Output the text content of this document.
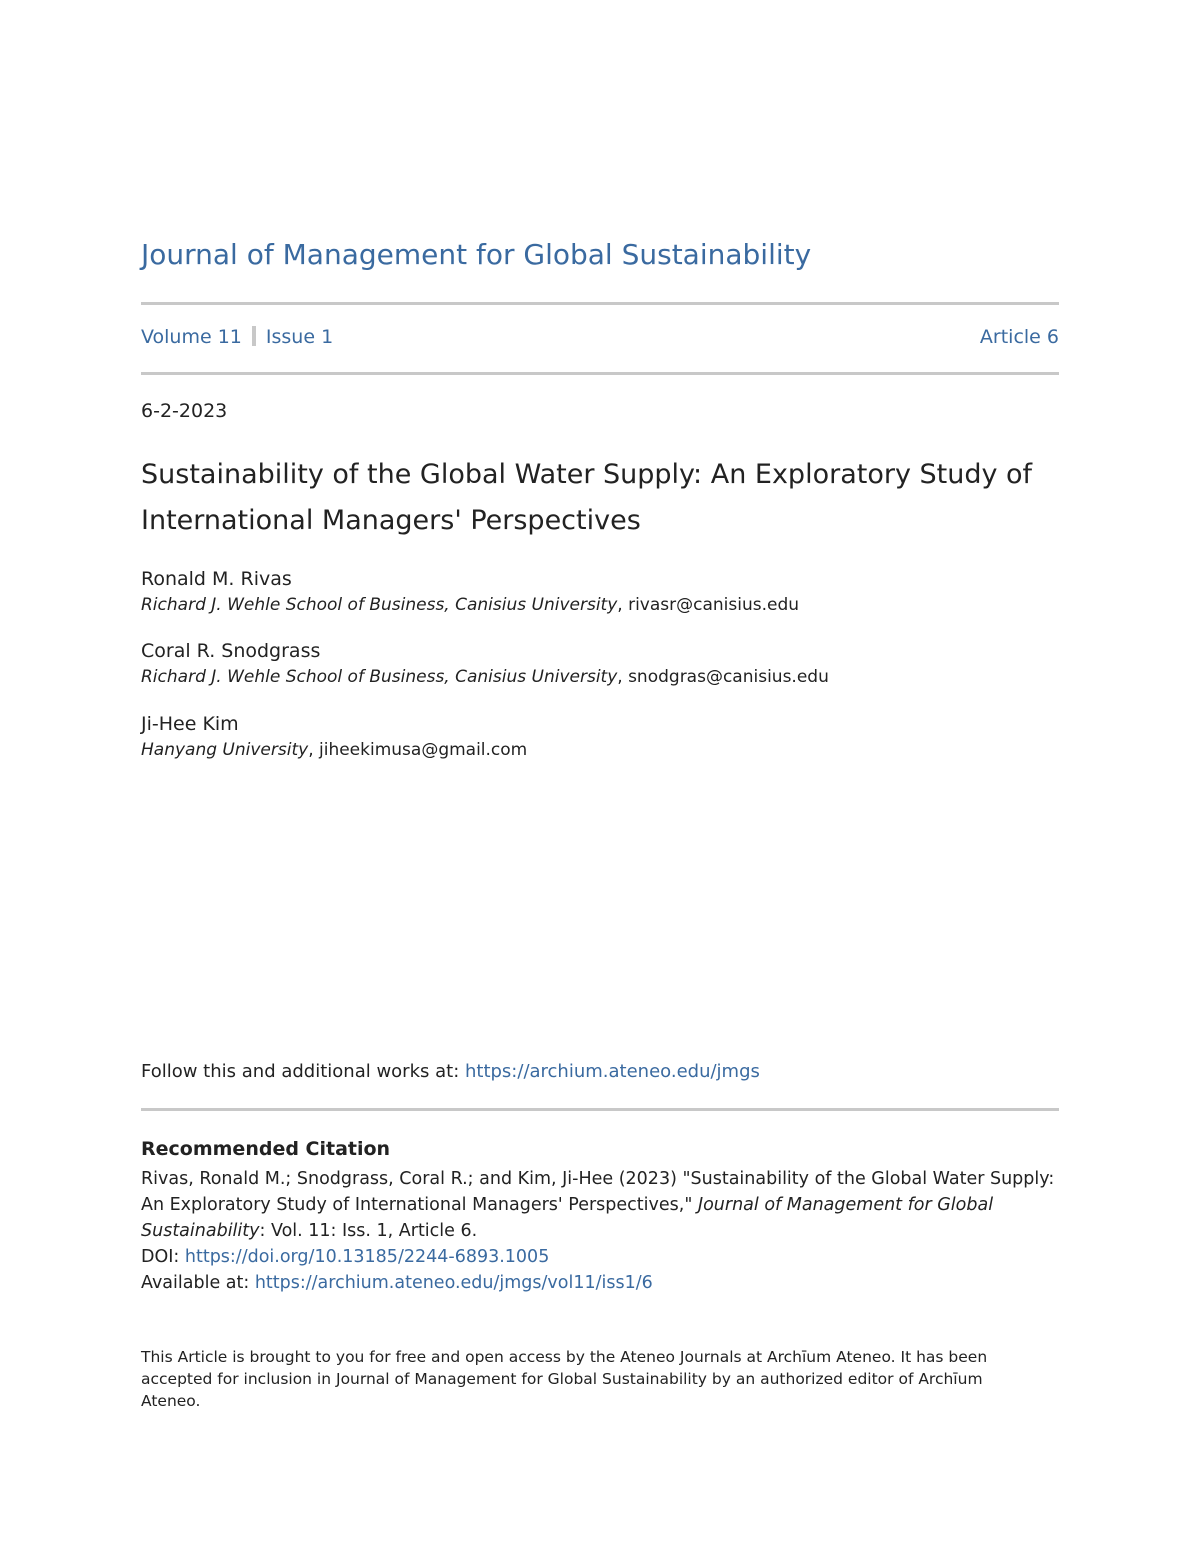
Journal of Management for Global Sustainability
Volume 11 Issue 1	Article 6
6-2-2023
Sustainability of the Global Water Supply: An Exploratory Study of International Managers' Perspectives
Ronald M. Rivas
Richard J. Wehle School of Business, Canisius University, rivasr@canisius.edu
Coral R. Snodgrass
Richard J. Wehle School of Business, Canisius University, snodgras@canisius.edu
Ji-Hee Kim
Hanyang University, jiheekimusa@gmail.com
Follow this and additional works at: https://archium.ateneo.edu/jmgs
Recommended Citation
Rivas, Ronald M.; Snodgrass, Coral R.; and Kim, Ji-Hee (2023) "Sustainability of the Global Water Supply: An Exploratory Study of International Managers' Perspectives," Journal of Management for Global Sustainability: Vol. 11: Iss. 1, Article 6.
DOI: https://doi.org/10.13185/2244-6893.1005
Available at: https://archium.ateneo.edu/jmgs/vol11/iss1/6
This Article is brought to you for free and open access by the Ateneo Journals at Archīum Ateneo. It has been accepted for inclusion in Journal of Management for Global Sustainability by an authorized editor of Archīum Ateneo.
